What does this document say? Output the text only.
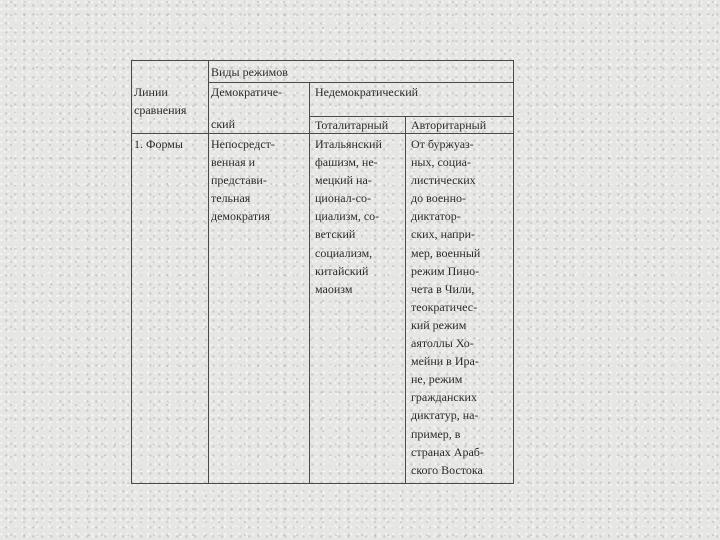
Виды режимов

Линии
сравнения

Демократиче-

ский

Недемократический

Тоталитарный Авторитарный

1. Формы Непосредст-
венная и
представи-
тельная
демократия

Итальянский
фашизм, не-
мецкий на-
ционал-со-
циализм, со-
ветский
социализм,
китайский
маоизм

От буржуаз-
ных, социа-
листических
до военно-
диктатор-
ских, напри-
мер, военный
режим Пино-
чета в Чили,
теократичес-
кий режим
аятоллы Хо-
мейни в Ира-
не, режим
гражданских
диктатур, на-
пример, в
странах Араб-
ского Востока
